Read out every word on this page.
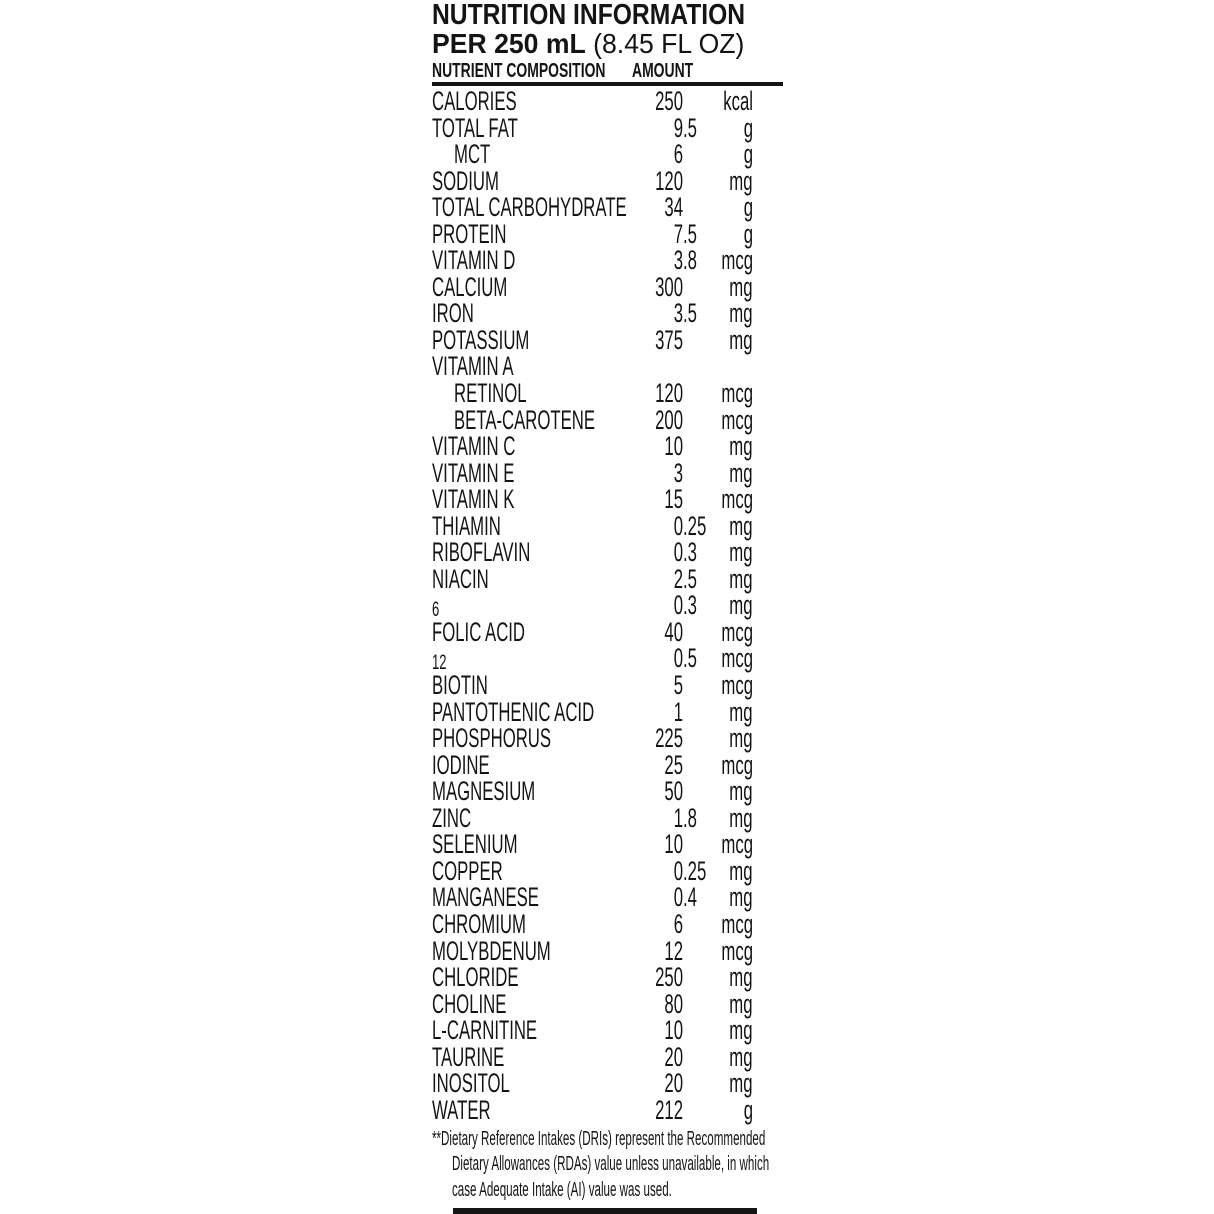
NUTRITION INFORMATION
PER 250 mL (8.45 FL OZ)
NUTRIENT COMPOSITION	AMOUNT
CALORIES	250	kcal
TOTAL FAT	9 .5	g
MCT	6	g
SODIUM	120	mg
TOTAL CARBOHYDRATE	34	g
PROTEIN	7 .5	g
VITAMIN D	3 .8 mcg
CALCIUM	300	mg
IRON	3 .5	mg
POTASSIUM	375	mg
VITAMIN A
RETINOL	120	mcg
BETA-CAROTENE	200	mcg
VITAMIN C	10	mg
VITAMIN E	3	mg
VITAMIN K	15	mcg
THIAMIN	0 .25 mg
RIBOFLAVIN	0 .3	mg
NIACIN	2 .5	mg
6	0 .3	mg
FOLIC ACID	40	mcg
12	0 .5 mcg
BIOTIN	5	mcg
PANTOTHENIC ACID	1	mg
PHOSPHORUS	225	mg
IODINE	25	mcg
MAGNESIUM	50	mg
ZINC	1 .8	mg
SELENIUM	10	mcg
COPPER	0 .25 mg
MANGANESE	0 .4	mg
CHROMIUM	6	mcg
MOLYBDENUM	12	mcg
CHLORIDE	250	mg
CHOLINE	80	mg
L-CARNITINE	10	mg
TAURINE	20	mg
INOSITOL	20	mg
WATER	212	g
**Dietary Reference Intakes (DRIs) represent the Recommended
Dietary Allowances (RDAs) value unless unavailable, in which
case Adequate Intake (AI) value was used.
